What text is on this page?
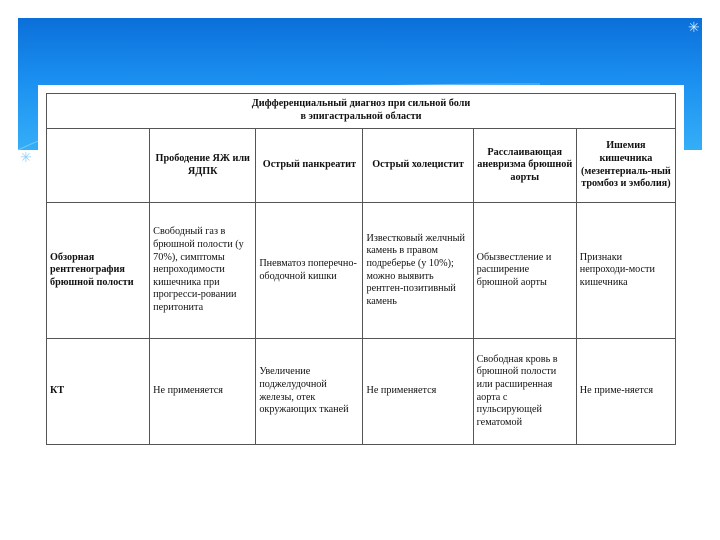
✳
✳
Дифференциальный диагноз при сильной боли
в эпигастральной области					
	Прободение ЯЖ или ЯДПК	Острый панкреатит	Острый холецистит	Расслаивающая аневризма брюшной аорты	Ишемия кишечника (мезентериаль-ный тромбоз и эмболия)
Обзорная рентгенография брюшной полости	Свободный газ в брюшной полости (у 70%), симптомы непроходимости кишечника при прогресси-ровании перитонита	Пневматоз поперечно-ободочной кишки	Известковый желчный камень в правом подреберье (у 10%); можно выявить рентген-позитивный камень	Обызвестление и расширение брюшной аорты	Признаки непроходи-мости кишечника
КТ	Не применяется	Увеличение поджелудочной железы, отек окружающих тканей	Не применяется	Свободная кровь в брюшной полости или расширенная аорта с пульсирующей гематомой	Не приме-няется
